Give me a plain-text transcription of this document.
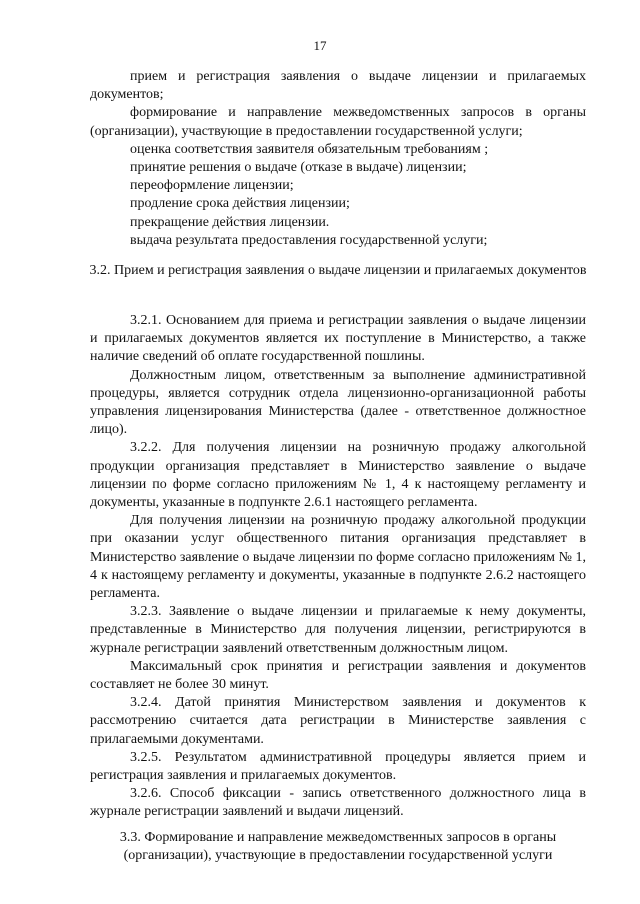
17

прием и регистрация заявления о выдаче лицензии и прилагаемых документов;

формирование и направление межведомственных запросов в органы (организации), участвующие в предоставлении государственной услуги;

оценка соответствия заявителя обязательным требованиям ;

принятие решения о выдаче (отказе в выдаче) лицензии;

переоформление лицензии;

продление срока действия лицензии;

прекращение действия лицензии.

выдача результата предоставления государственной услуги;

3.2. Прием и регистрация заявления о выдаче лицензии и прилагаемых документов

3.2.1. Основанием для приема и регистрации заявления о выдаче лицензии и прилагаемых документов является их поступление в Министерство, а также наличие сведений об оплате государственной пошлины.

Должностным лицом, ответственным за выполнение административной процедуры, является сотрудник отдела лицензионно-организационной работы управления лицензирования Министерства (далее - ответственное должностное лицо).

3.2.2. Для получения лицензии на розничную продажу алкогольной продукции организация представляет в Министерство заявление о выдаче лицензии по форме согласно приложениям № 1, 4 к настоящему регламенту и документы, указанные в подпункте 2.6.1 настоящего регламента.

Для получения лицензии на розничную продажу алкогольной продукции при оказании услуг общественного питания организация представляет в Министерство заявление о выдаче лицензии по форме согласно приложениям № 1, 4 к настоящему регламенту и документы, указанные в подпункте 2.6.2 настоящего регламента.

3.2.3. Заявление о выдаче лицензии и прилагаемые к нему документы, представленные в Министерство для получения лицензии, регистрируются в журнале регистрации заявлений ответственным должностным лицом.

Максимальный срок принятия и регистрации заявления и документов составляет не более 30 минут.

3.2.4. Датой принятия Министерством заявления и документов к рассмотрению считается дата регистрации в Министерстве заявления с прилагаемыми документами.

3.2.5. Результатом административной процедуры является прием и регистрация заявления и прилагаемых документов.

3.2.6. Способ фиксации - запись ответственного должностного лица в журнале регистрации заявлений и выдачи лицензий.

3.3. Формирование и направление межведомственных запросов в органы (организации), участвующие в предоставлении государственной услуги
